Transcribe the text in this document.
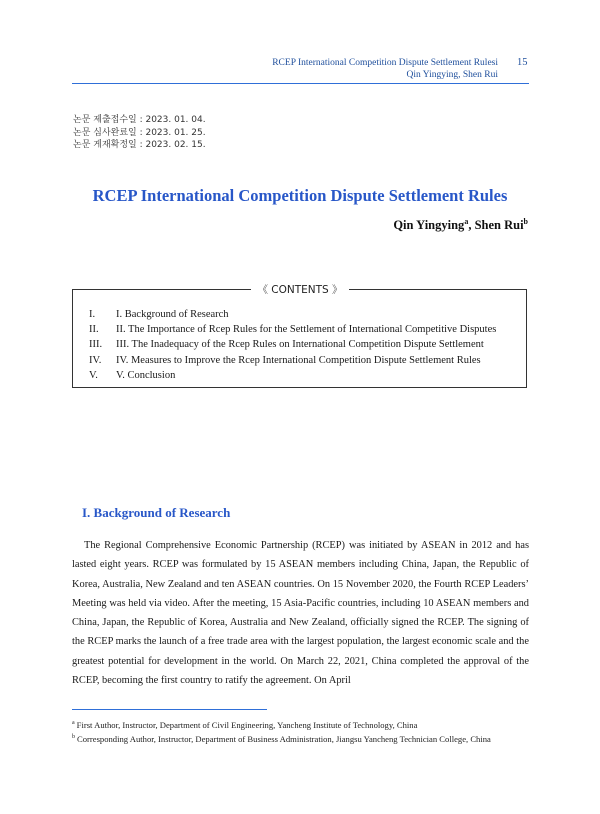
RCEP International Competition Dispute Settlement Rulesi
Qin Yingying, Shen Rui
15
논문 제출접수일 : 2023. 01. 04.
논문 심사완료일 : 2023. 01. 25.
논문 게재확정일 : 2023. 02. 15.
RCEP International Competition Dispute Settlement Rules
Qin Yingying$^a$, Shen Rui$^b$
《 CONTENTS 》
I.	I. Background of Research
II.	II. The Importance of Rcep Rules for the Settlement of International Competitive Disputes
III.	III. The Inadequacy of the Rcep Rules on International Competition Dispute Settlement
IV.	IV. Measures to Improve the Rcep International Competition Dispute Settlement Rules
V.	V. Conclusion
I. Background of Research

The Regional Comprehensive Economic Partnership (RCEP) was initiated by ASEAN in 2012 and has lasted eight years. RCEP was formulated by 15 ASEAN members including China, Japan, the Republic of Korea, Australia, New Zealand and ten ASEAN countries. On 15 November 2020, the Fourth RCEP Leaders’ Meeting was held via video. After the meeting, 15 Asia-Pacific countries, including 10 ASEAN members and China, Japan, the Republic of Korea, Australia and New Zealand, officially signed the RCEP. The signing of the RCEP marks the launch of a free trade area with the largest population, the largest economic scale and the greatest potential for development in the world. On March 22, 2021, China completed the approval of the RCEP, becoming the first country to ratify the agreement. On April

$^a$ First Author, Instructor, Department of Civil Engineering, Yancheng Institute of Technology, China
$^b$ Corresponding Author, Instructor, Department of Business Administration, Jiangsu Yancheng Technician College, China
